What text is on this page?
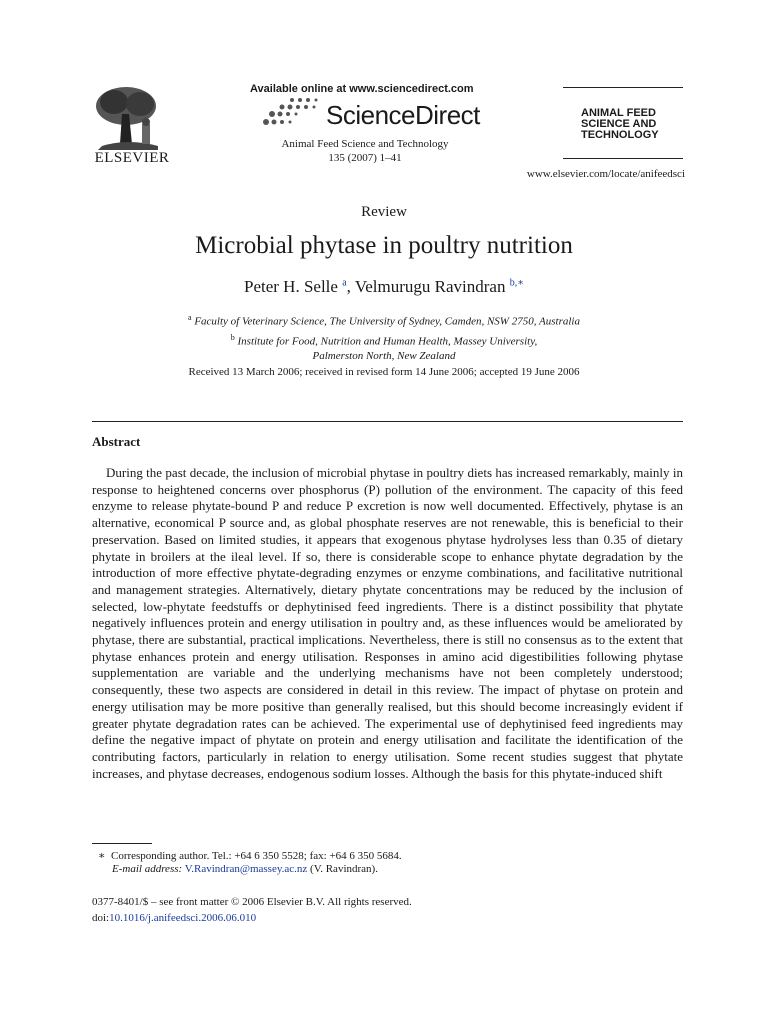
ELSEVIER
Available online at www.sciencedirect.com
ScienceDirect
Animal Feed Science and Technology
135 (2007) 1–41
ANIMAL FEED
SCIENCE AND
TECHNOLOGY
www.elsevier.com/locate/anifeedsci
Review
Microbial phytase in poultry nutrition
Peter H. Selle $^a$, Velmurugu Ravindran $^{b,∗}$
$^a$ Faculty of Veterinary Science, The University of Sydney, Camden, NSW 2750, Australia
$^b$ Institute for Food, Nutrition and Human Health, Massey University,
Palmerston North, New Zealand
Received 13 March 2006; received in revised form 14 June 2006; accepted 19 June 2006
Abstract
During the past decade, the inclusion of microbial phytase in poultry diets has increased remarkably, mainly in response to heightened concerns over phosphorus (P) pollution of the environment. The capacity of this feed enzyme to release phytate-bound P and reduce P excretion is now well documented. Effectively, phytase is an alternative, economical P source and, as global phosphate reserves are not renewable, this is beneficial to their preservation. Based on limited studies, it appears that exogenous phytase hydrolyses less than 0.35 of dietary phytate in broilers at the ileal level. If so, there is considerable scope to enhance phytate degradation by the introduction of more effective phytate-degrading enzymes or enzyme combinations, and facilitative nutritional and management strategies. Alternatively, dietary phytate concentrations may be reduced by the inclusion of selected, low-phytate feedstuffs or dephytinised feed ingredients. There is a distinct possibility that phytate negatively influences protein and energy utilisation in poultry and, as these influences would be ameliorated by phytase, there are substantial, practical implications. Nevertheless, there is still no consensus as to the extent that phytase enhances protein and energy utilisation. Responses in amino acid digestibilities following phytase supplementation are variable and the underlying mechanisms have not been completely understood; consequently, these two aspects are considered in detail in this review. The impact of phytase on protein and energy utilisation may be more positive than generally realised, but this should become increasingly evident if greater phytate degradation rates can be achieved. The experimental use of dephytinised feed ingredients may define the negative impact of phytate on protein and energy utilisation and facilitate the identification of the contributing factors, particularly in relation to energy utilisation. Some recent studies suggest that phytate increases, and phytase decreases, endogenous sodium losses. Although the basis for this phytate-induced shift
∗ Corresponding author. Tel.: +64 6 350 5528; fax: +64 6 350 5684.
E-mail address: V.Ravindran@massey.ac.nz (V. Ravindran).
0377-8401/$ – see front matter © 2006 Elsevier B.V. All rights reserved.
doi:10.1016/j.anifeedsci.2006.06.010
